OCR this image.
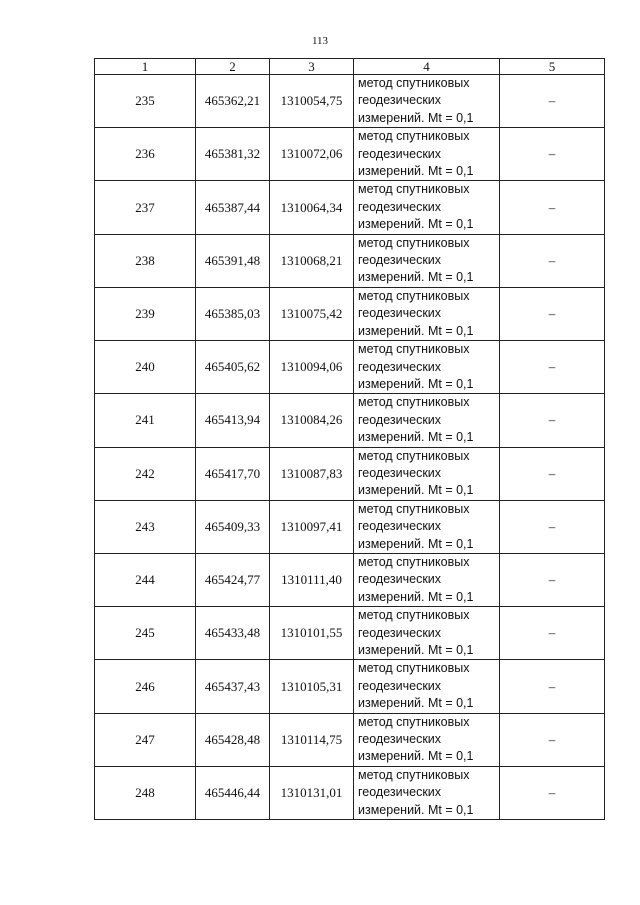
113
1	2	3	4	5
235	465362,21	1310054,75	метод спутниковых
геодезических
измерений. Mt = 0,1	–
236	465381,32	1310072,06	метод спутниковых
геодезических
измерений. Mt = 0,1	–
237	465387,44	1310064,34	метод спутниковых
геодезических
измерений. Mt = 0,1	–
238	465391,48	1310068,21	метод спутниковых
геодезических
измерений. Mt = 0,1	–
239	465385,03	1310075,42	метод спутниковых
геодезических
измерений. Mt = 0,1	–
240	465405,62	1310094,06	метод спутниковых
геодезических
измерений. Mt = 0,1	–
241	465413,94	1310084,26	метод спутниковых
геодезических
измерений. Mt = 0,1	–
242	465417,70	1310087,83	метод спутниковых
геодезических
измерений. Mt = 0,1	–
243	465409,33	1310097,41	метод спутниковых
геодезических
измерений. Mt = 0,1	–
244	465424,77	1310111,40	метод спутниковых
геодезических
измерений. Mt = 0,1	–
245	465433,48	1310101,55	метод спутниковых
геодезических
измерений. Mt = 0,1	–
246	465437,43	1310105,31	метод спутниковых
геодезических
измерений. Mt = 0,1	–
247	465428,48	1310114,75	метод спутниковых
геодезических
измерений. Mt = 0,1	–
248	465446,44	1310131,01	метод спутниковых
геодезических
измерений. Mt = 0,1	–
